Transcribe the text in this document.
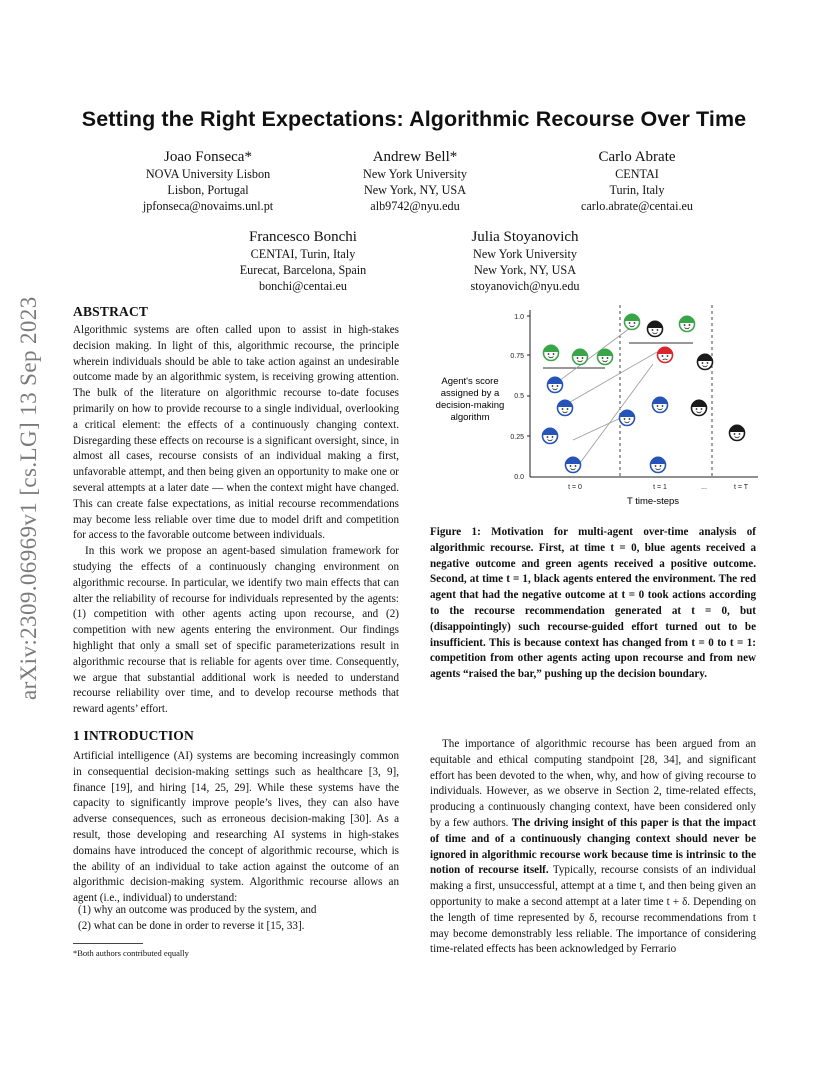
arXiv:2309.06969v1 [cs.LG] 13 Sep 2023
Setting the Right Expectations: Algorithmic Recourse Over Time
Joao Fonseca*
NOVA University Lisbon
Lisbon, Portugal
jpfonseca@novaims.unl.pt
Andrew Bell*
New York University
New York, NY, USA
alb9742@nyu.edu
Carlo Abrate
CENTAI
Turin, Italy
carlo.abrate@centai.eu
Francesco Bonchi
CENTAI, Turin, Italy
Eurecat, Barcelona, Spain
bonchi@centai.eu
Julia Stoyanovich
New York University
New York, NY, USA
stoyanovich@nyu.edu
ABSTRACT

Algorithmic systems are often called upon to assist in high-stakes decision making. In light of this, algorithmic recourse, the principle wherein individuals should be able to take action against an undesirable outcome made by an algorithmic system, is receiving growing attention. The bulk of the literature on algorithmic recourse to-date focuses primarily on how to provide recourse to a single individual, overlooking a critical element: the effects of a continuously changing context. Disregarding these effects on recourse is a significant oversight, since, in almost all cases, recourse consists of an individual making a first, unfavorable attempt, and then being given an opportunity to make one or several attempts at a later date — when the context might have changed. This can create false expectations, as initial recourse recommendations may become less reliable over time due to model drift and competition for access to the favorable outcome between individuals.

In this work we propose an agent-based simulation framework for studying the effects of a continuously changing environment on algorithmic recourse. In particular, we identify two main effects that can alter the reliability of recourse for individuals represented by the agents: (1) competition with other agents acting upon recourse, and (2) competition with new agents entering the environment. Our findings highlight that only a small set of specific parameterizations result in algorithmic recourse that is reliable for agents over time. Consequently, we argue that substantial additional work is needed to understand recourse reliability over time, and to develop recourse methods that reward agents’ effort.

1 INTRODUCTION

Artificial intelligence (AI) systems are becoming increasingly common in consequential decision-making settings such as healthcare [3, 9], finance [19], and hiring [14, 25, 29]. While these systems have the capacity to significantly improve people’s lives, they can also have adverse consequences, such as erroneous decision-making [30]. As a result, those developing and researching AI systems in high-stakes domains have introduced the concept of algorithmic recourse, which is the ability of an individual to take action against the outcome of an algorithmic decision-making system. Algorithmic recourse allows an agent (i.e., individual) to understand:

(1) why an outcome was produced by the system, and
(2) what can be done in order to reverse it [15, 33].
*Both authors contributed equally
Agent's score
assigned by a
decision-making
algorithm
1.0
0.75
0.5
0.25
0.0
t = 0	t = 1	...	t = T
T time-steps
Figure 1: Motivation for multi-agent over-time analysis of algorithmic recourse. First, at time t = 0, blue agents received a negative outcome and green agents received a positive outcome. Second, at time t = 1, black agents entered the environment. The red agent that had the negative outcome at t = 0 took actions according to the recourse recommendation generated at t = 0, but (disappointingly) such recourse-guided effort turned out to be insufficient. This is because context has changed from t = 0 to t = 1: competition from other agents acting upon recourse and from new agents “raised the bar,” pushing up the decision boundary.

The importance of algorithmic recourse has been argued from an equitable and ethical computing standpoint [28, 34], and significant effort has been devoted to the when, why, and how of giving recourse to individuals. However, as we observe in Section 2, time-related effects, producing a continuously changing context, have been considered only by a few authors. The driving insight of this paper is that the impact of time and of a continuously changing context should never be ignored in algorithmic recourse work because time is intrinsic to the notion of recourse itself. Typically, recourse consists of an individual making a first, unsuccessful, attempt at a time t, and then being given an opportunity to make a second attempt at a later time t + δ. Depending on the length of time represented by δ, recourse recommendations from t may become demonstrably less reliable. The importance of considering time-related effects has been acknowledged by Ferrario
